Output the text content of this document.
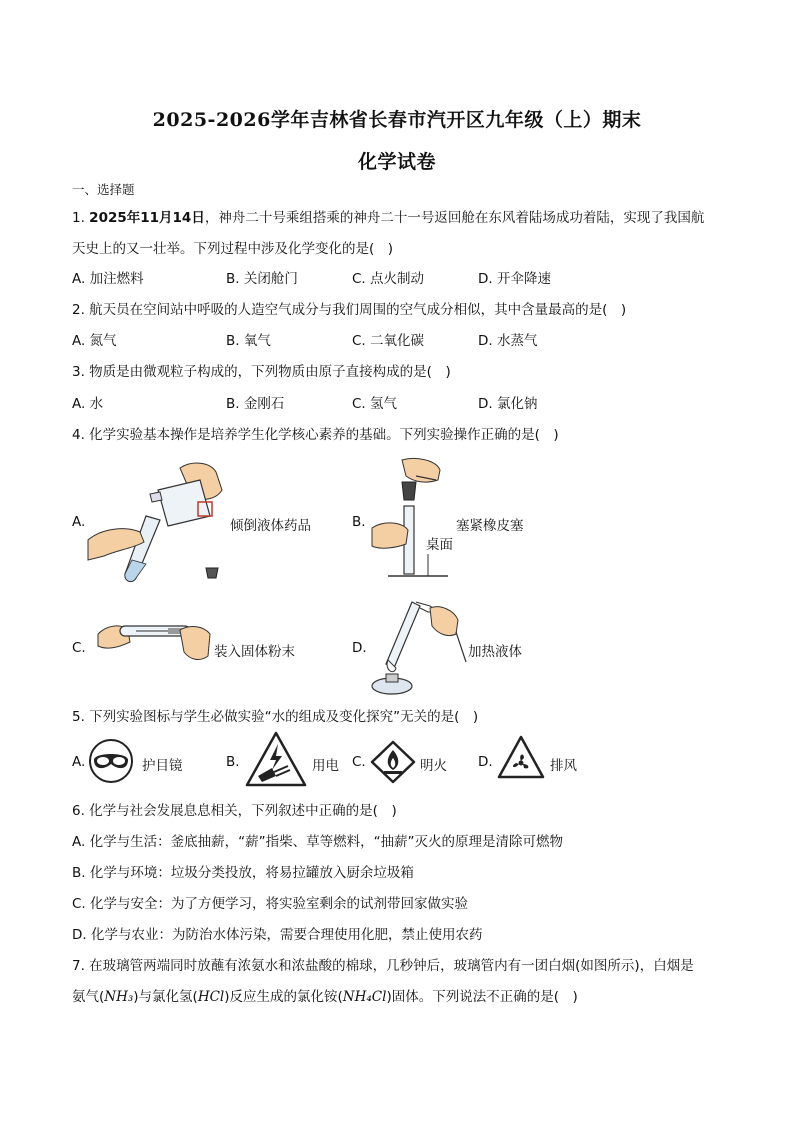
2025-2026学年吉林省长春市汽开区九年级（上）期末
化学试卷
一、选择题
1. 2025年11月14日，神舟二十号乘组搭乘的神舟二十一号返回舱在东风着陆场成功着陆，实现了我国航
天史上的又一壮举。下列过程中涉及化学变化的是(　)
A. 加注燃料	B. 关闭舱门	C. 点火制动	D. 开伞降速
2. 航天员在空间站中呼吸的人造空气成分与我们周围的空气成分相似，其中含量最高的是(　)
A. 氮气	B. 氧气	C. 二氧化碳	D. 水蒸气
3. 物质是由微观粒子构成的，下列物质由原子直接构成的是(　)
A. 水	B. 金刚石	C. 氢气	D. 氯化钠
4. 化学实验基本操作是培养学生化学核心素养的基础。下列实验操作正确的是(　)
A.	倾倒液体药品	B.	塞紧橡皮塞
桌面
C.	装入固体粉末	D.	加热液体
5. 下列实验图标与学生必做实验“水的组成及变化探究”无关的是(　)
A.	护目镜	B.	用电 C.	明火 D.	排风
6. 化学与社会发展息息相关，下列叙述中正确的是(　)
A. 化学与生活：釜底抽薪，“薪”指柴、草等燃料，“抽薪”灭火的原理是清除可燃物
B. 化学与环境：垃圾分类投放，将易拉罐放入厨余垃圾箱
C. 化学与安全：为了方便学习，将实验室剩余的试剂带回家做实验
D. 化学与农业：为防治水体污染，需要合理使用化肥，禁止使用农药
7. 在玻璃管两端同时放蘸有浓氨水和浓盐酸的棉球，几秒钟后，玻璃管内有一团白烟(如图所示)，白烟是
氨气(NH₃)与氯化氢(HCl)反应生成的氯化铵(NH₄Cl)固体。下列说法不正确的是(　)
